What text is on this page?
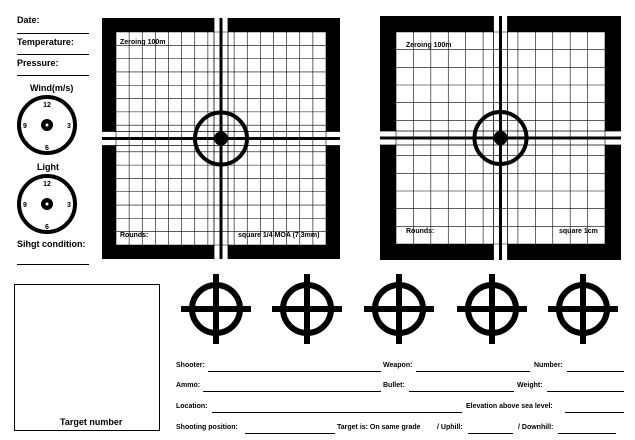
Date:
Temperature:
Pressure:
Wind(m/s)
12
3
6
9
Light
12
3
6
9
Sihgt condition:
Zeroing 100m
Rounds:	square 1/4 MOA (7,3mm)
Zeroing 100m
Rounds:	square 1cm
Target number
Shooter:	Weapon:	Number:
Ammo:	Bullet:	Weight:
Location:	Elevation above sea level:
Shooting position:	Target is: On same grade / Uphill:	/ Downhill:
